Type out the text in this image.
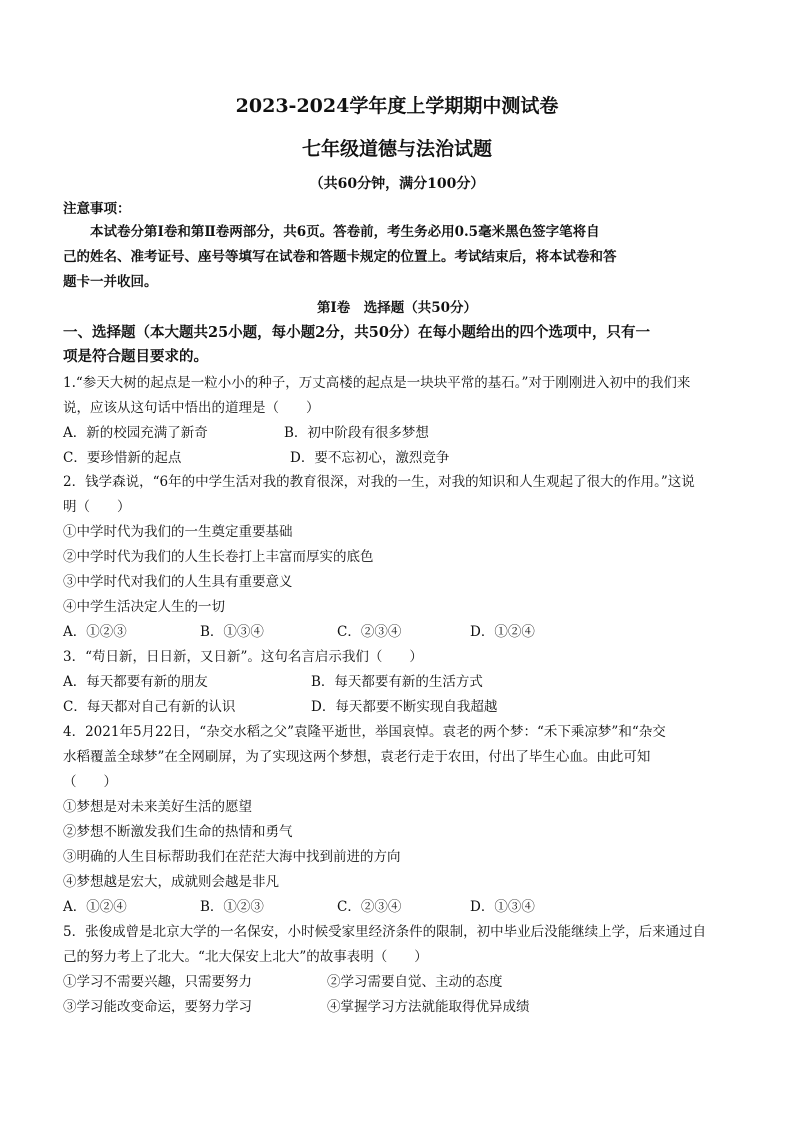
2023-2024学年度上学期期中测试卷
七年级道德与法治试题
（共60分钟，满分100分）
注意事项：
本试卷分第Ⅰ卷和第Ⅱ卷两部分，共6页。答卷前，考生务必用0.5毫米黑色签字笔将自
己的姓名、准考证号、座号等填写在试卷和答题卡规定的位置上。考试结束后，将本试卷和答
题卡一并收回。
第Ⅰ卷　选择题（共50分）
一、选择题（本大题共25小题，每小题2分，共50分）在每小题给出的四个选项中，只有一
项是符合题目要求的。
1.“参天大树的起点是一粒小小的种子，万丈高楼的起点是一块块平常的基石。”对于刚刚进入初中的我们来
说，应该从这句话中悟出的道理是（　　）
A．新的校园充满了新奇	B．初中阶段有很多梦想
C．要珍惜新的起点	D．要不忘初心，激烈竞争
2．钱学森说，“6年的中学生活对我的教育很深，对我的一生，对我的知识和人生观起了很大的作用。”这说
明（　　）
①中学时代为我们的一生奠定重要基础
②中学时代为我们的人生长卷打上丰富而厚实的底色
③中学时代对我们的人生具有重要意义
④中学生活决定人生的一切
A．①②③	B．①③④	C．②③④	D．①②④
3．“苟日新，日日新，又日新”。这句名言启示我们（　　）
A．每天都要有新的朋友	B．每天都要有新的生活方式
C．每天都对自己有新的认识	D．每天都要不断实现自我超越
4．2021年5月22日，“杂交水稻之父”袁隆平逝世，举国哀悼。袁老的两个梦：“禾下乘凉梦”和“杂交
水稻覆盖全球梦”在全网刷屏，为了实现这两个梦想，袁老行走于农田，付出了毕生心血。由此可知
（　　）
①梦想是对未来美好生活的愿望
②梦想不断激发我们生命的热情和勇气
③明确的人生目标帮助我们在茫茫大海中找到前进的方向
④梦想越是宏大，成就则会越是非凡
A．①②④	B．①②③	C．②③④	D．①③④
5．张俊成曾是北京大学的一名保安，小时候受家里经济条件的限制，初中毕业后没能继续上学，后来通过自
己的努力考上了北大。“北大保安上北大”的故事表明（　　）
①学习不需要兴趣，只需要努力	②学习需要自觉、主动的态度
③学习能改变命运，要努力学习	④掌握学习方法就能取得优异成绩
